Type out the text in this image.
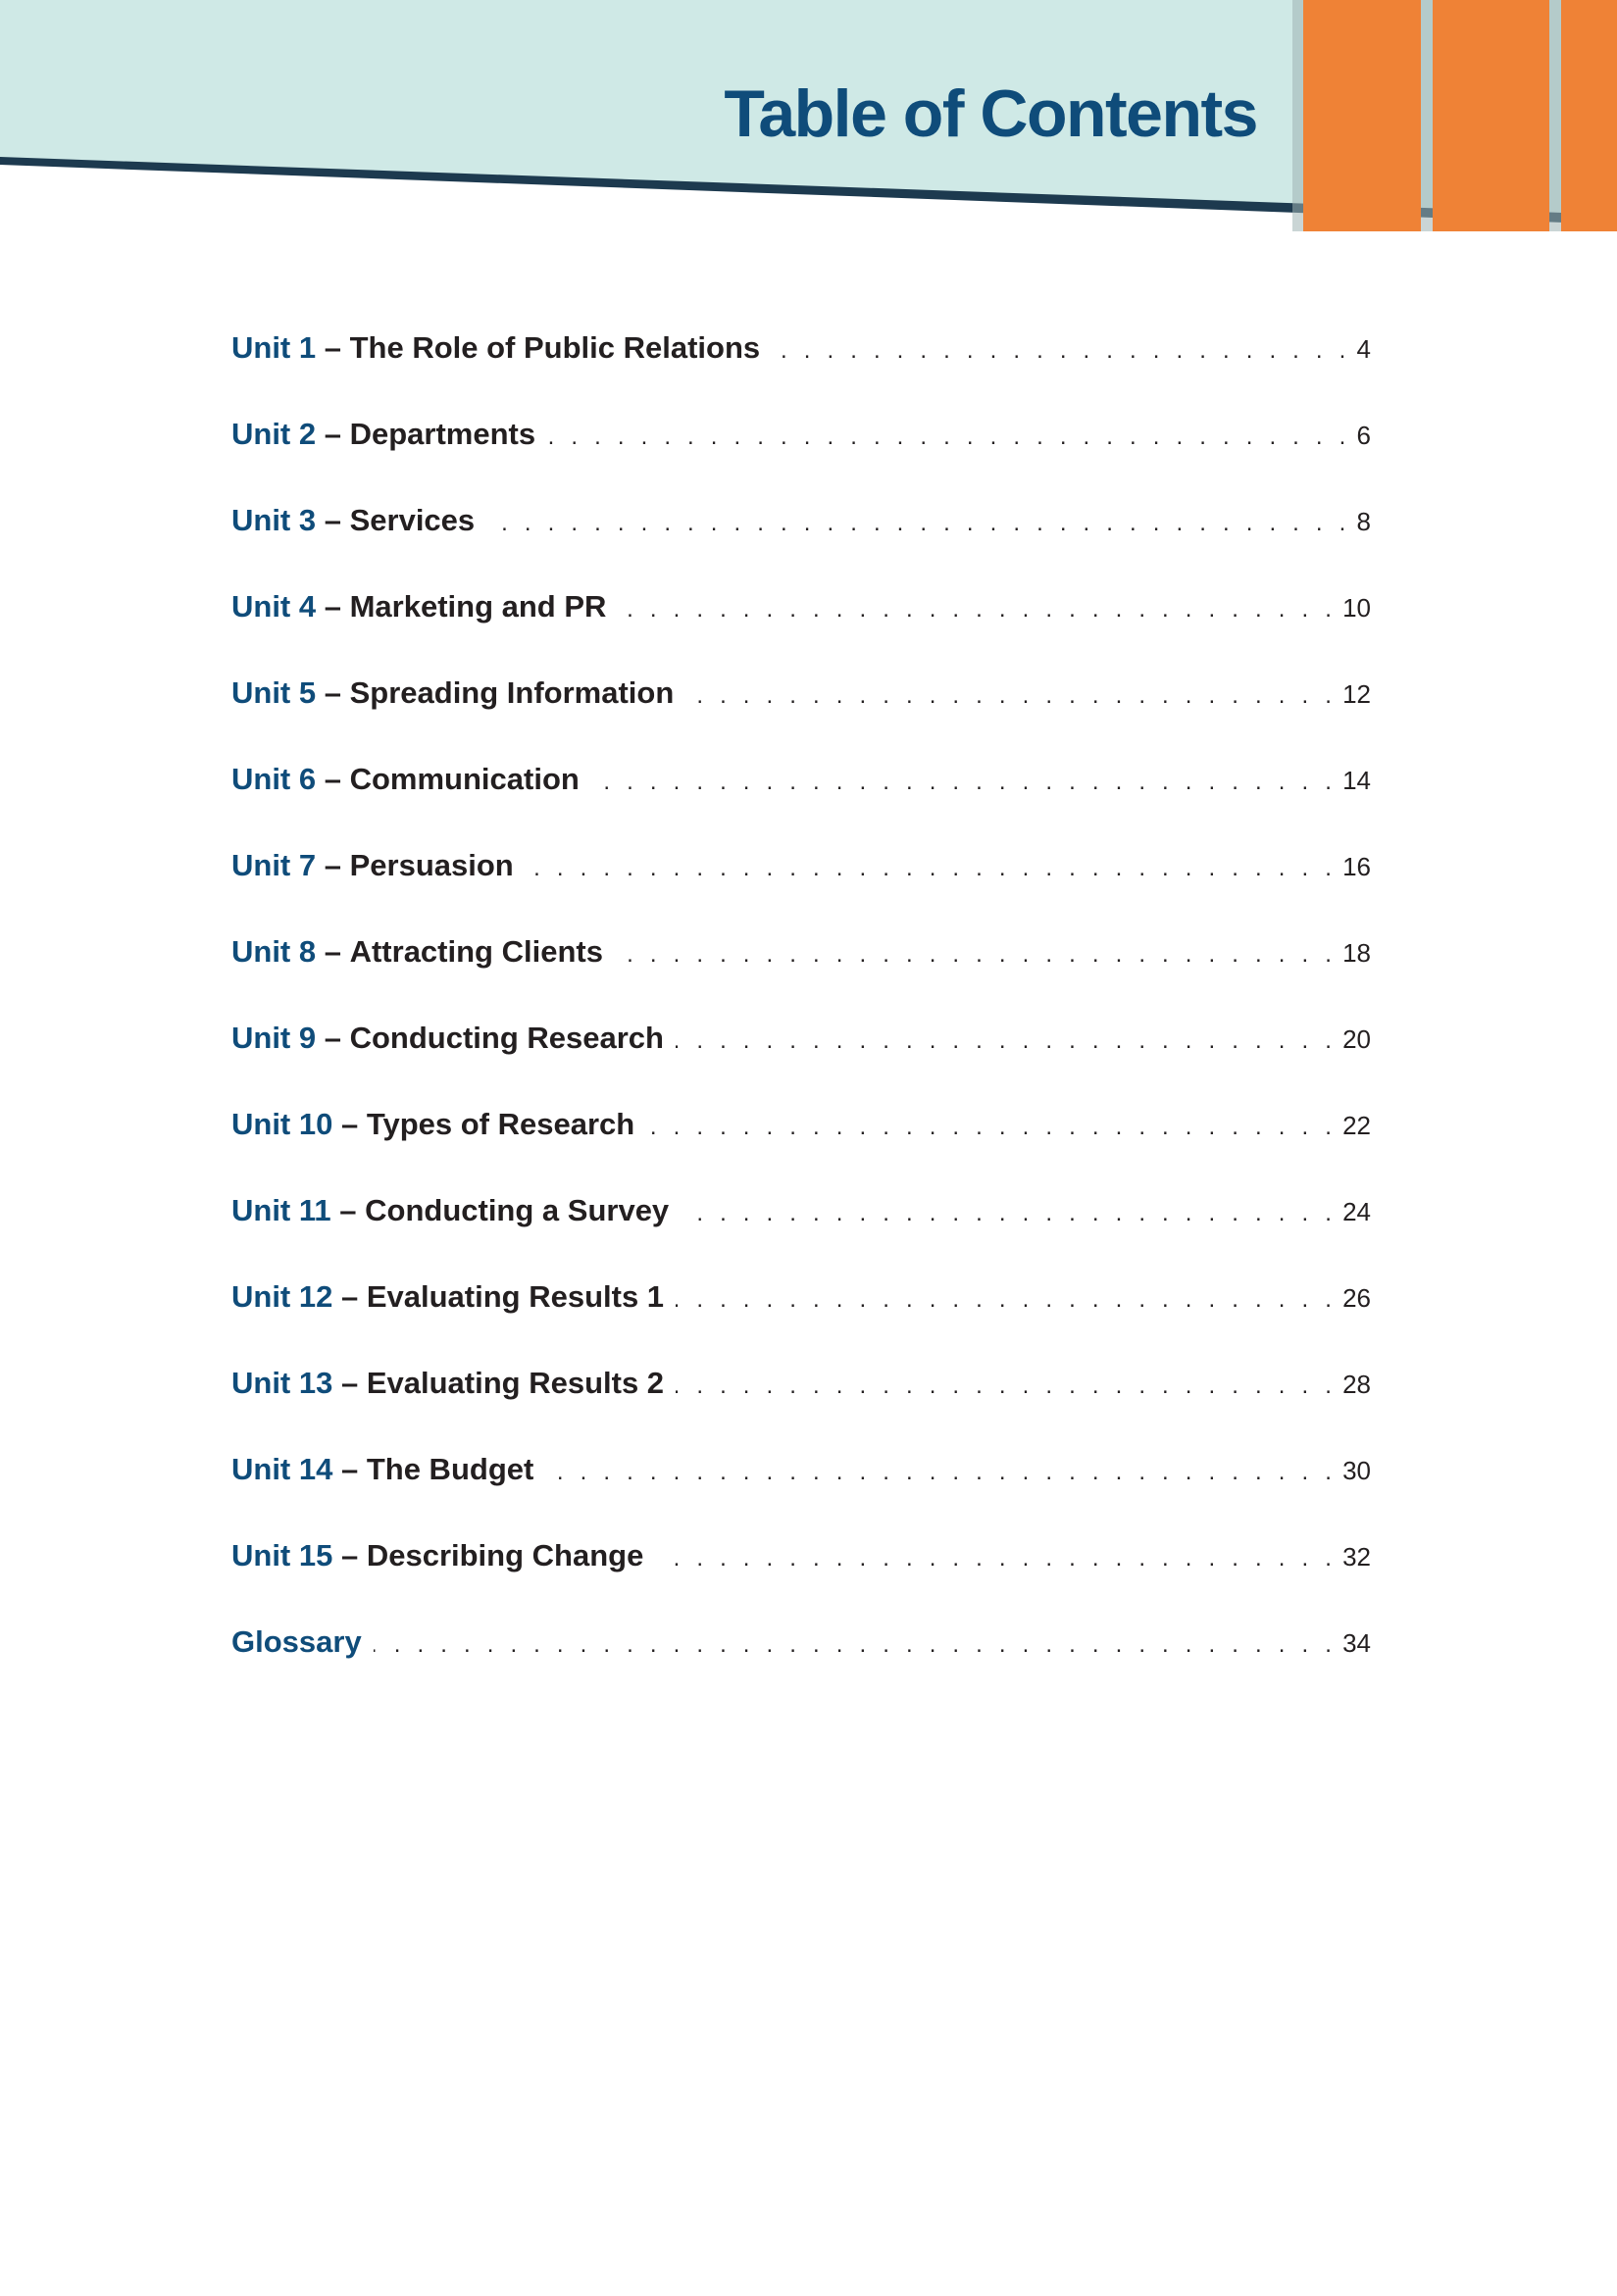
Table of Contents
Unit 1 – The Role of Public Relations . . .	4
Unit 2 – Departments . . .	6
Unit 3 – Services . . .	8
Unit 4 – Marketing and PR . . .	10
Unit 5 – Spreading Information . . .	12
Unit 6 – Communication . . .	14
Unit 7 – Persuasion . . .	16
Unit 8 – Attracting Clients . . .	18
Unit 9 – Conducting Research . . .	20
Unit 10 – Types of Research . . .	22
Unit 11 – Conducting a Survey . . .	24
Unit 12 – Evaluating Results 1 . . .	26
Unit 13 – Evaluating Results 2 . . .	28
Unit 14 – The Budget . . .	30
Unit 15 – Describing Change . . .	32
Glossary . . .	34
